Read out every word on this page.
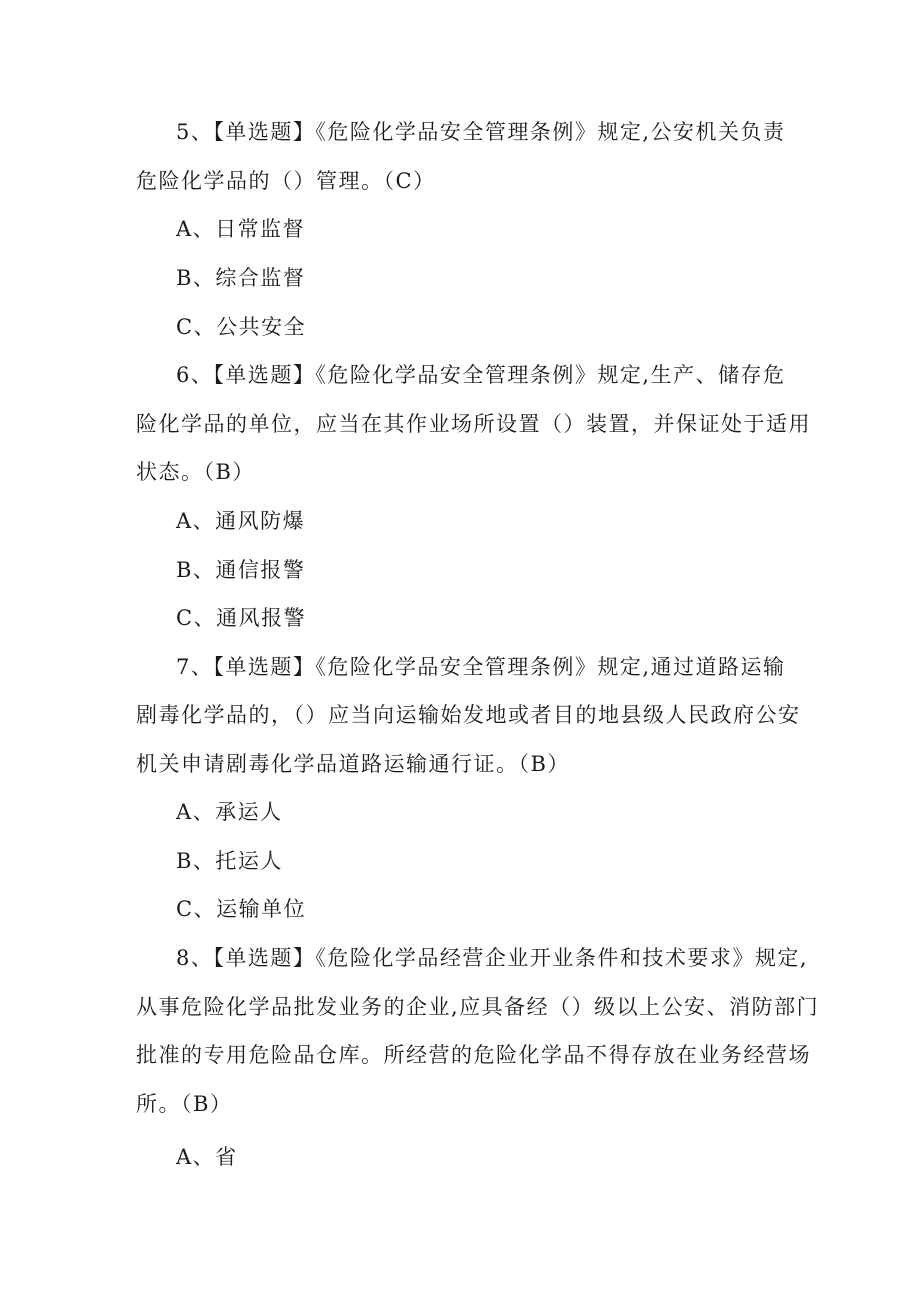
5、【单选题】《危险化学品安全管理条例》规定,公安机关负责
危险化学品的（）管理。（C）
A、日常监督
B、综合监督
C、公共安全
6、【单选题】《危险化学品安全管理条例》规定,生产、储存危
险化学品的单位，应当在其作业场所设置（）装置，并保证处于适用
状态。（B）
A、通风防爆
B、通信报警
C、通风报警
7、【单选题】《危险化学品安全管理条例》规定,通过道路运输
剧毒化学品的，（）应当向运输始发地或者目的地县级人民政府公安
机关申请剧毒化学品道路运输通行证。（B）
A、承运人
B、托运人
C、运输单位
8、【单选题】《危险化学品经营企业开业条件和技术要求》规定,
从事危险化学品批发业务的企业,应具备经（）级以上公安、消防部门
批准的专用危险品仓库。所经营的危险化学品不得存放在业务经营场
所。（B）
A、省
